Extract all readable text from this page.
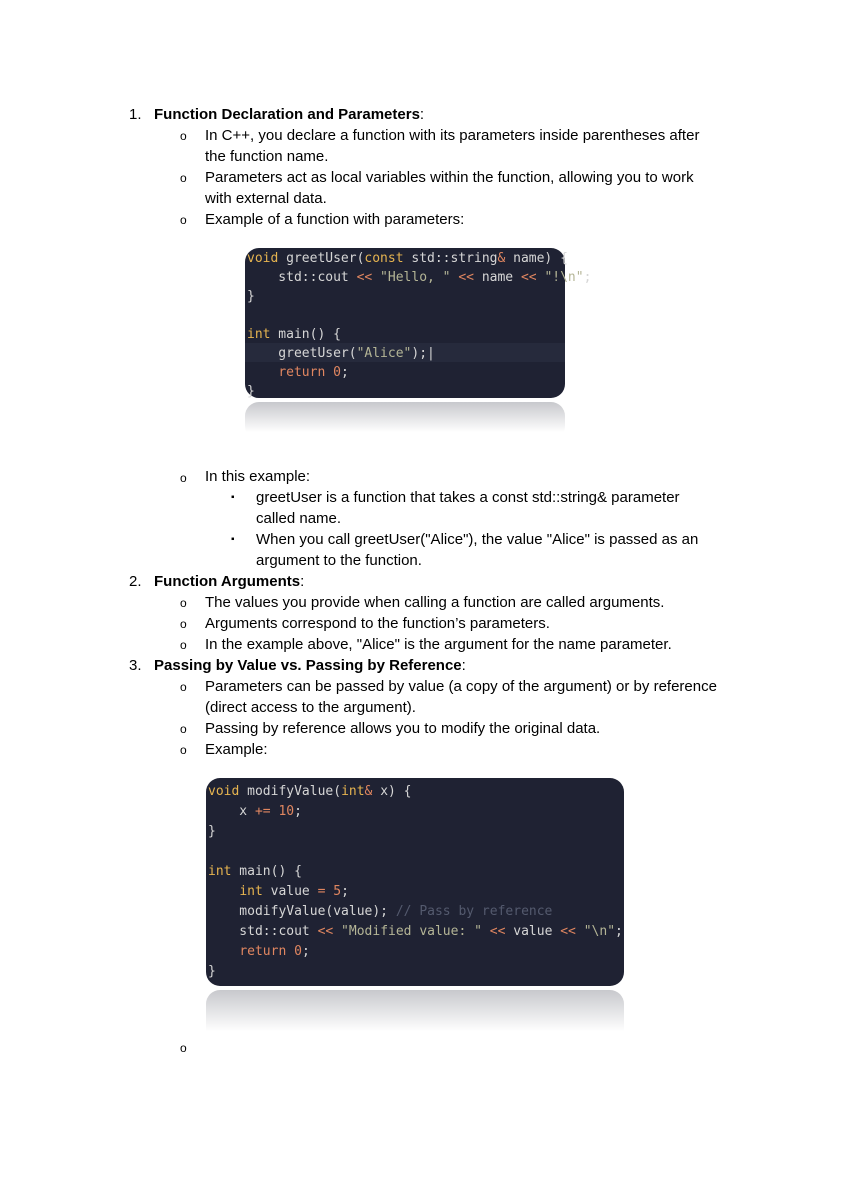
1. Function Declaration and Parameters:
o In C++, you declare a function with its parameters inside parentheses after
the function name.
o Parameters act as local variables within the function, allowing you to work
with external data.
o Example of a function with parameters:
void greetUser(const std::string& name) {
std::cout << "Hello, " << name << "!\n";
}
int main() {
greetUser("Alice");|
return 0;
}
o In this example:
▪ greetUser is a function that takes a const std::string& parameter
called name.
▪ When you call greetUser("Alice"), the value "Alice" is passed as an
argument to the function.
2. Function Arguments:
o The values you provide when calling a function are called arguments.
o Arguments correspond to the function’s parameters.
o In the example above, "Alice" is the argument for the name parameter.
3. Passing by Value vs. Passing by Reference:
o Parameters can be passed by value (a copy of the argument) or by reference
(direct access to the argument).
o Passing by reference allows you to modify the original data.
o Example:
void modifyValue(int& x) {
x += 10;
}
int main() {
int value = 5;
modifyValue(value); // Pass by reference
std::cout << "Modified value: " << value << "\n";
return 0;
}
o
